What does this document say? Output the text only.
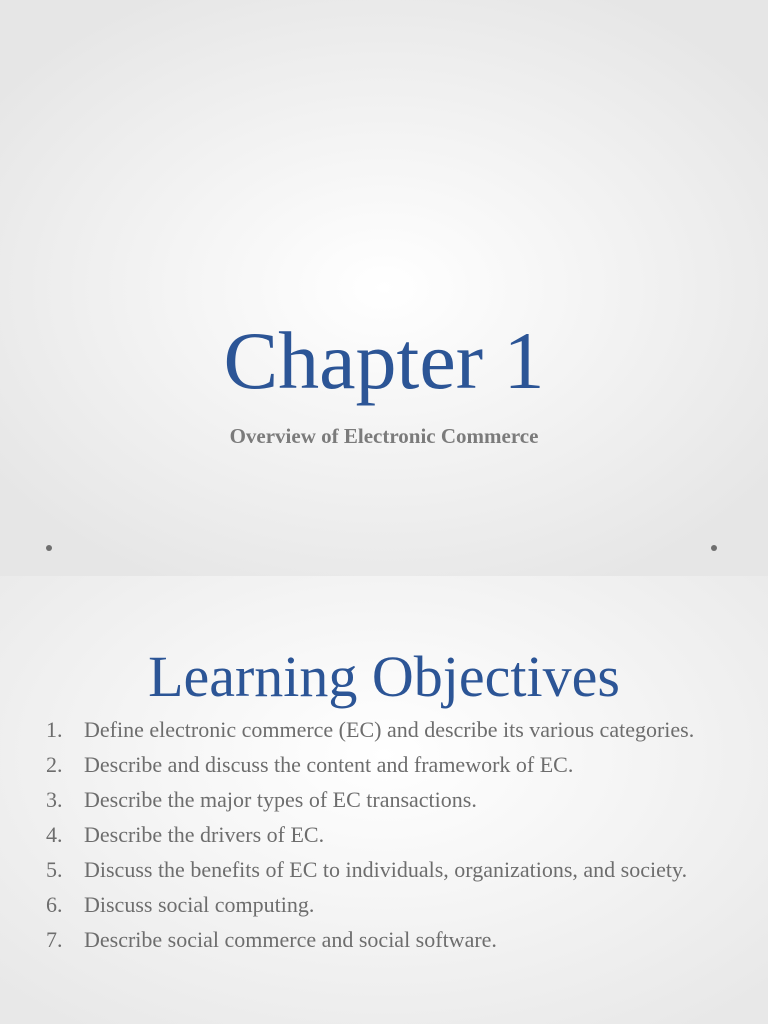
Chapter 1

Overview of Electronic Commerce

Learning Objectives
1. Define electronic commerce (EC) and describe its various categories.
2. Describe and discuss the content and framework of EC.
3. Describe the major types of EC transactions.
4. Describe the drivers of EC.
5. Discuss the benefits of EC to individuals, organizations, and society.
6. Discuss social computing.
7. Describe social commerce and social software.
